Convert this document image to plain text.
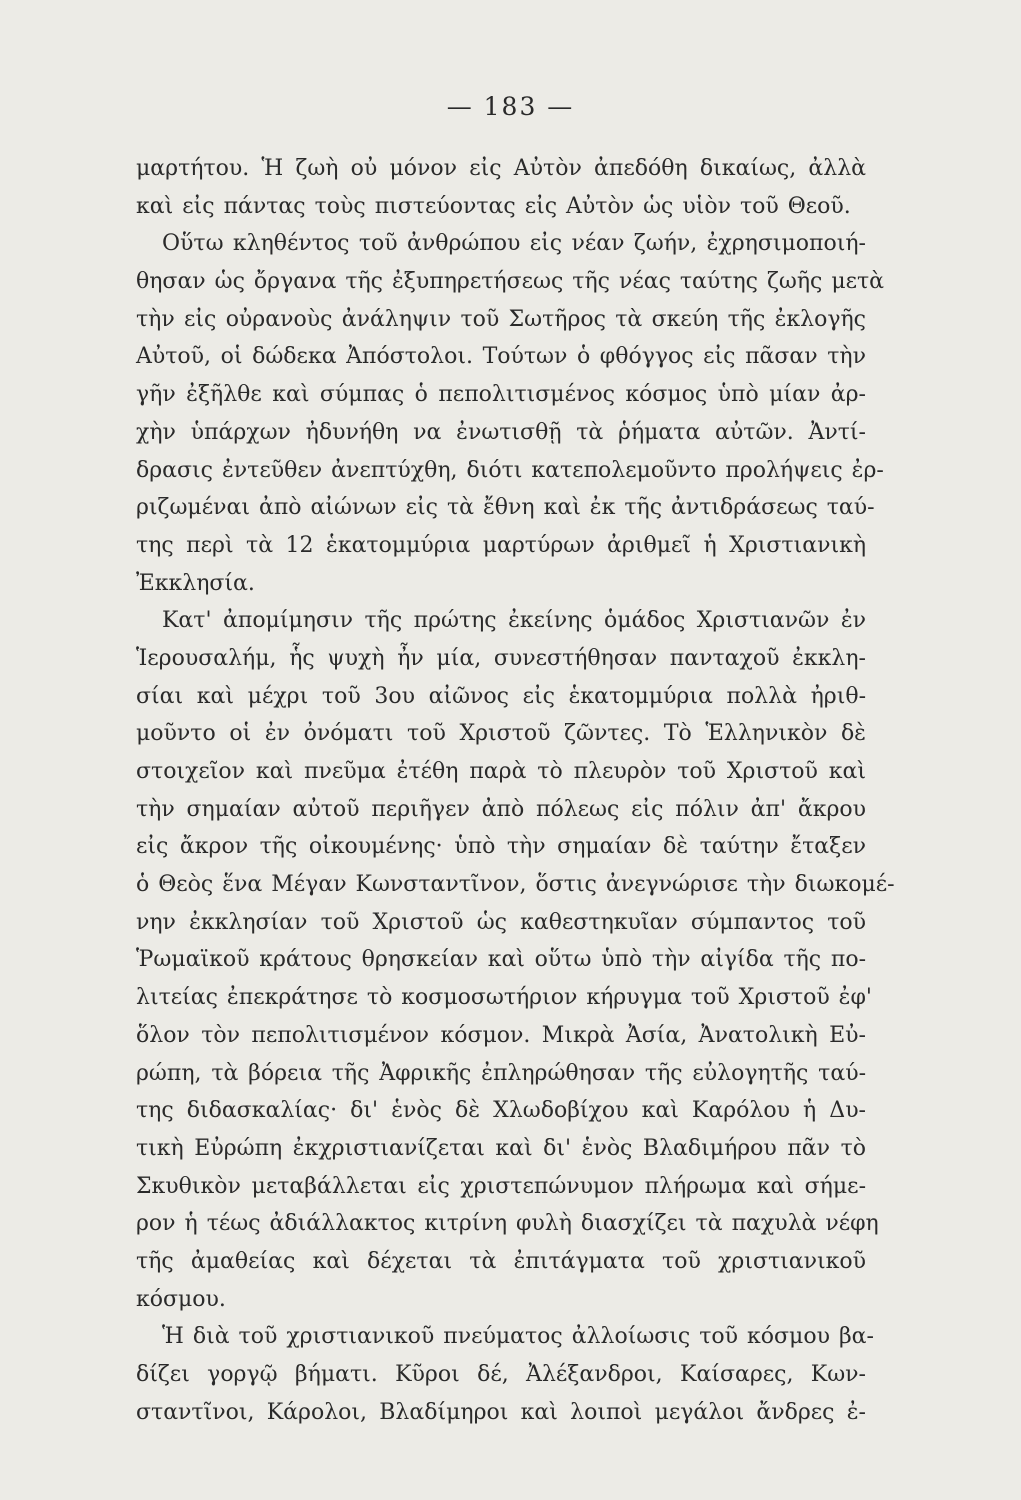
— 183 —
μαρτήτου. Ἡ ζωὴ οὐ μόνον εἰς Αὐτὸν ἀπεδόθη δικαίως, ἀλλὰ
καὶ εἰς πάντας τοὺς πιστεύοντας εἰς Αὐτὸν ὡς υἱὸν τοῦ Θεοῦ.
Οὕτω κληθέντος τοῦ ἀνθρώπου εἰς νέαν ζωήν, ἐχρησιμοποιή-
θησαν ὡς ὄργανα τῆς ἐξυπηρετήσεως τῆς νέας ταύτης ζωῆς μετὰ
τὴν εἰς οὐρανοὺς ἀνάληψιν τοῦ Σωτῆρος τὰ σκεύη τῆς ἐκλογῆς
Αὐτοῦ, οἱ δώδεκα Ἀπόστολοι. Τούτων ὁ φθόγγος εἰς πᾶσαν τὴν
γῆν ἐξῆλθε καὶ σύμπας ὁ πεπολιτισμένος κόσμος ὑπὸ μίαν ἀρ-
χὴν ὑπάρχων ἠδυνήθη να ἐνωτισθῇ τὰ ῥήματα αὐτῶν. Ἀντί-
δρασις ἐντεῦθεν ἀνεπτύχθη, διότι κατεπολεμοῦντο προλήψεις ἐρ-
ριζωμέναι ἀπὸ αἰώνων εἰς τὰ ἔθνη καὶ ἐκ τῆς ἀντιδράσεως ταύ-
της περὶ τὰ 12 ἑκατομμύρια μαρτύρων ἀριθμεῖ ἡ Χριστιανικὴ
Ἐκκλησία.
Κατ' ἀπομίμησιν τῆς πρώτης ἐκείνης ὁμάδος Χριστιανῶν ἐν
Ἱερουσαλήμ, ἧς ψυχὴ ἦν μία, συνεστήθησαν πανταχοῦ ἐκκλη-
σίαι καὶ μέχρι τοῦ 3ου αἰῶνος εἰς ἑκατομμύρια πολλὰ ἠριθ-
μοῦντο οἱ ἐν ὀνόματι τοῦ Χριστοῦ ζῶντες. Τὸ Ἑλληνικὸν δὲ
στοιχεῖον καὶ πνεῦμα ἐτέθη παρὰ τὸ πλευρὸν τοῦ Χριστοῦ καὶ
τὴν σημαίαν αὐτοῦ περιῆγεν ἀπὸ πόλεως εἰς πόλιν ἀπ' ἄκρου
εἰς ἄκρον τῆς οἰκουμένης· ὑπὸ τὴν σημαίαν δὲ ταύτην ἔταξεν
ὁ Θεὸς ἕνα Μέγαν Κωνσταντῖνον, ὅστις ἀνεγνώρισε τὴν διωκομέ-
νην ἐκκλησίαν τοῦ Χριστοῦ ὡς καθεστηκυῖαν σύμπαντος τοῦ
Ῥωμαϊκοῦ κράτους θρησκείαν καὶ οὕτω ὑπὸ τὴν αἰγίδα τῆς πο-
λιτείας ἐπεκράτησε τὸ κοσμοσωτήριον κήρυγμα τοῦ Χριστοῦ ἐφ'
ὅλον τὸν πεπολιτισμένον κόσμον. Μικρὰ Ἀσία, Ἀνατολικὴ Εὐ-
ρώπη, τὰ βόρεια τῆς Ἀφρικῆς ἐπληρώθησαν τῆς εὐλογητῆς ταύ-
της διδασκαλίας· δι' ἑνὸς δὲ Χλωδοβίχου καὶ Καρόλου ἡ Δυ-
τικὴ Εὐρώπη ἐκχριστιανίζεται καὶ δι' ἑνὸς Βλαδιμήρου πᾶν τὸ
Σκυθικὸν μεταβάλλεται εἰς χριστεπώνυμον πλήρωμα καὶ σήμε-
ρον ἡ τέως ἀδιάλλακτος κιτρίνη φυλὴ διασχίζει τὰ παχυλὰ νέφη
τῆς ἀμαθείας καὶ δέχεται τὰ ἐπιτάγματα τοῦ χριστιανικοῦ
κόσμου.
Ἡ διὰ τοῦ χριστιανικοῦ πνεύματος ἀλλοίωσις τοῦ κόσμου βα-
δίζει γοργῷ βήματι. Κῦροι δέ, Ἀλέξανδροι, Καίσαρες, Κων-
σταντῖνοι, Κάρολοι, Βλαδίμηροι καὶ λοιποὶ μεγάλοι ἄνδρες ἐ-
